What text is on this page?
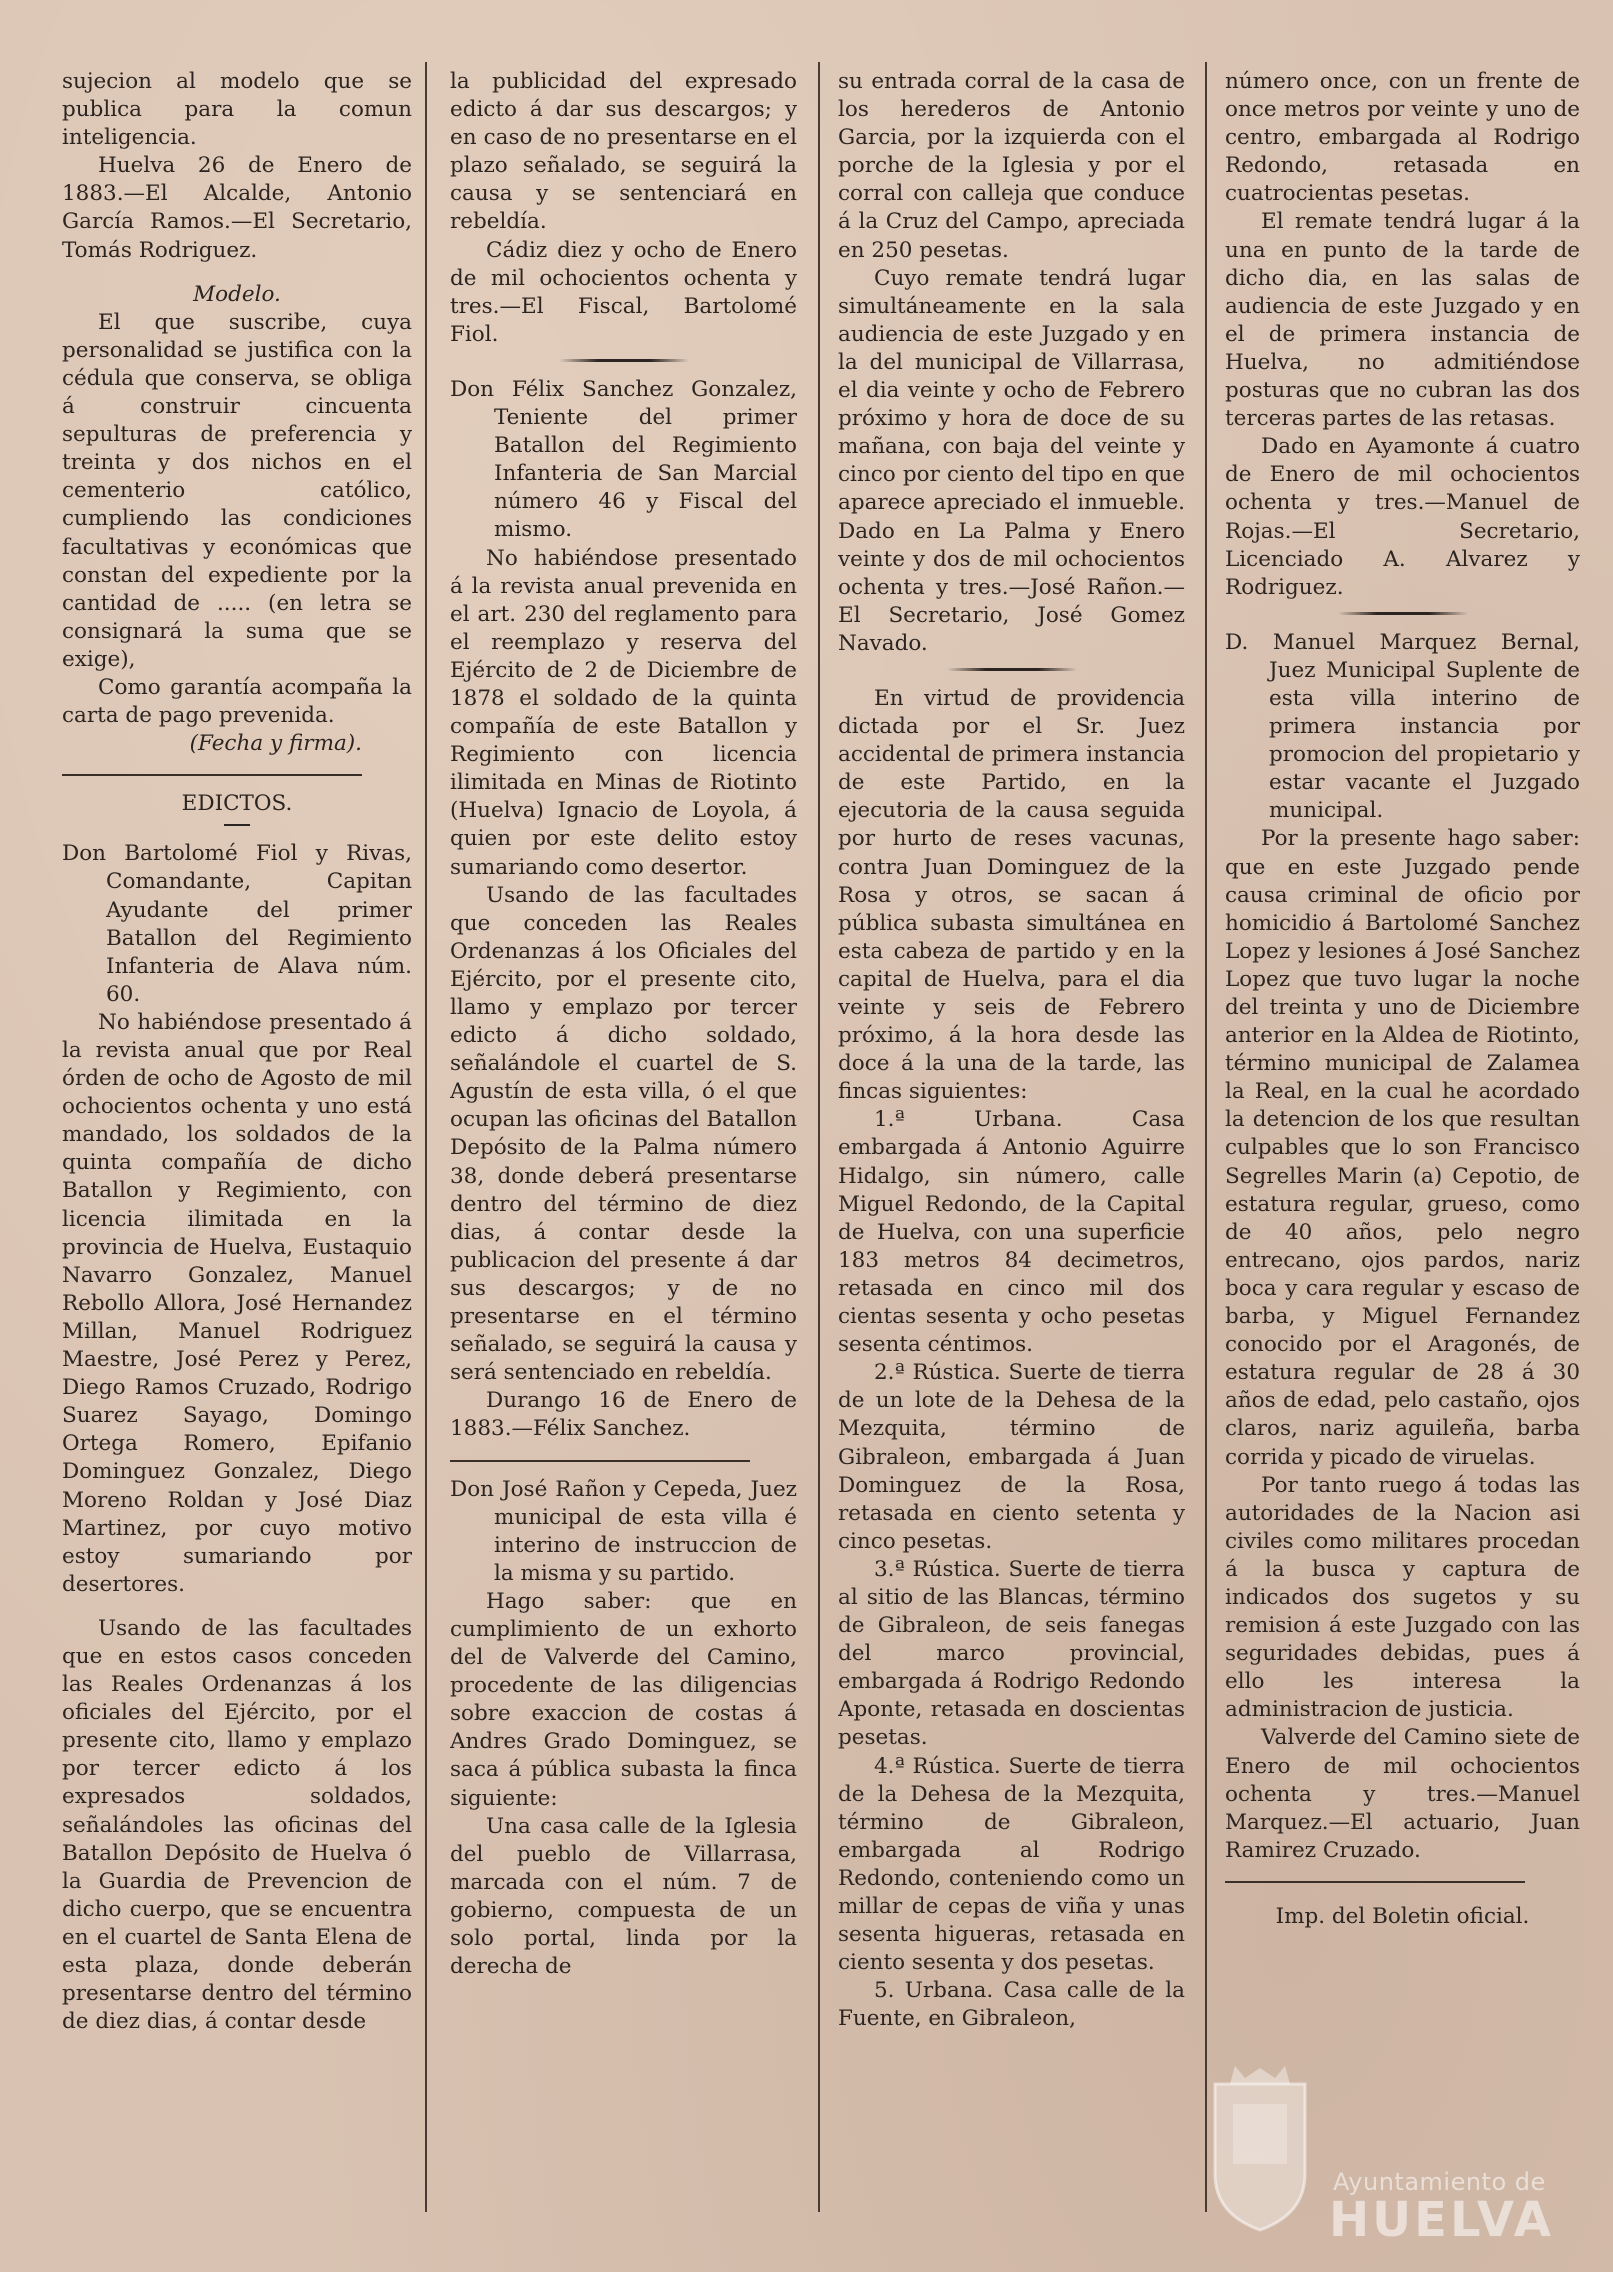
sujecion al modelo que se publica para la comun inteligencia.

Huelva 26 de Enero de 1883.—El Alcalde, Antonio García Ramos.—El Secretario, Tomás Rodriguez.

Modelo.

El que suscribe, cuya personalidad se justifica con la cédula que conserva, se obliga á construir cincuenta sepulturas de preferencia y treinta y dos nichos en el cementerio católico, cumpliendo las condiciones facultativas y económicas que constan del expediente por la cantidad de ..... (en letra se consignará la suma que se exige),

Como garantía acompaña la carta de pago prevenida.

(Fecha y firma).

EDICTOS.

Don Bartolomé Fiol y Rivas, Comandante, Capitan Ayudante del primer Batallon del Regimiento Infanteria de Alava núm. 60.

No habiéndose presentado á la revista anual que por Real órden de ocho de Agosto de mil ochocientos ochenta y uno está mandado, los soldados de la quinta compañía de dicho Batallon y Regimiento, con licencia ilimitada en la provincia de Huelva, Eustaquio Navarro Gonzalez, Manuel Rebollo Allora, José Hernandez Millan, Manuel Rodriguez Maestre, José Perez y Perez, Diego Ramos Cruzado, Rodrigo Suarez Sayago, Domingo Ortega Romero, Epifanio Dominguez Gonzalez, Diego Moreno Roldan y José Diaz Martinez, por cuyo motivo estoy sumariando por desertores.

Usando de las facultades que en estos casos conceden las Reales Ordenanzas á los oficiales del Ejército, por el presente cito, llamo y emplazo por tercer edicto á los expresados soldados, señalándoles las oficinas del Batallon Depósito de Huelva ó la Guardia de Prevencion de dicho cuerpo, que se encuentra en el cuartel de Santa Elena de esta plaza, donde deberán presentarse dentro del término de diez dias, á contar desde

la publicidad del expresado edicto á dar sus descargos; y en caso de no presentarse en el plazo señalado, se seguirá la causa y se sentenciará en rebeldía.

Cádiz diez y ocho de Enero de mil ochocientos ochenta y tres.—El Fiscal, Bartolomé Fiol.

Don Félix Sanchez Gonzalez, Teniente del primer Batallon del Regimiento Infanteria de San Marcial número 46 y Fiscal del mismo.

No habiéndose presentado á la revista anual prevenida en el art. 230 del reglamento para el reemplazo y reserva del Ejército de 2 de Diciembre de 1878 el soldado de la quinta compañía de este Batallon y Regimiento con licencia ilimitada en Minas de Riotinto (Huelva) Ignacio de Loyola, á quien por este delito estoy sumariando como desertor.

Usando de las facultades que conceden las Reales Ordenanzas á los Oficiales del Ejército, por el presente cito, llamo y emplazo por tercer edicto á dicho soldado, señalándole el cuartel de S. Agustín de esta villa, ó el que ocupan las oficinas del Batallon Depósito de la Palma número 38, donde deberá presentarse dentro del término de diez dias, á contar desde la publicacion del presente á dar sus descargos; y de no presentarse en el término señalado, se seguirá la causa y será sentenciado en rebeldía.

Durango 16 de Enero de 1883.—Félix Sanchez.

Don José Rañon y Cepeda, Juez municipal de esta villa é interino de instruccion de la misma y su partido.

Hago saber: que en cumplimiento de un exhorto del de Valverde del Camino, procedente de las diligencias sobre exaccion de costas á Andres Grado Dominguez, se saca á pública subasta la finca siguiente:

Una casa calle de la Iglesia del pueblo de Villarrasa, marcada con el núm. 7 de gobierno, compuesta de un solo portal, linda por la derecha de

su entrada corral de la casa de los herederos de Antonio Garcia, por la izquierda con el porche de la Iglesia y por el corral con calleja que conduce á la Cruz del Campo, apreciada en 250 pesetas.

Cuyo remate tendrá lugar simultáneamente en la sala audiencia de este Juzgado y en la del municipal de Villarrasa, el dia veinte y ocho de Febrero próximo y hora de doce de su mañana, con baja del veinte y cinco por ciento del tipo en que aparece apreciado el inmueble. Dado en La Palma y Enero veinte y dos de mil ochocientos ochenta y tres.—José Rañon.—El Secretario, José Gomez Navado.

En virtud de providencia dictada por el Sr. Juez accidental de primera instancia de este Partido, en la ejecutoria de la causa seguida por hurto de reses vacunas, contra Juan Dominguez de la Rosa y otros, se sacan á pública subasta simultánea en esta cabeza de partido y en la capital de Huelva, para el dia veinte y seis de Febrero próximo, á la hora desde las doce á la una de la tarde, las fincas siguientes:

1.ª Urbana. Casa embargada á Antonio Aguirre Hidalgo, sin número, calle Miguel Redondo, de la Capital de Huelva, con una superficie 183 metros 84 decimetros, retasada en cinco mil dos cientas sesenta y ocho pesetas sesenta céntimos.

2.ª Rústica. Suerte de tierra de un lote de la Dehesa de la Mezquita, término de Gibraleon, embargada á Juan Dominguez de la Rosa, retasada en ciento setenta y cinco pesetas.

3.ª Rústica. Suerte de tierra al sitio de las Blancas, término de Gibraleon, de seis fanegas del marco provincial, embargada á Rodrigo Redondo Aponte, retasada en doscientas pesetas.

4.ª Rústica. Suerte de tierra de la Dehesa de la Mezquita, término de Gibraleon, embargada al Rodrigo Redondo, conteniendo como un millar de cepas de viña y unas sesenta higueras, retasada en ciento sesenta y dos pesetas.

5. Urbana. Casa calle de la Fuente, en Gibraleon,

número once, con un frente de once metros por veinte y uno de centro, embargada al Rodrigo Redondo, retasada en cuatrocientas pesetas.

El remate tendrá lugar á la una en punto de la tarde de dicho dia, en las salas de audiencia de este Juzgado y en el de primera instancia de Huelva, no admitiéndose posturas que no cubran las dos terceras partes de las retasas.

Dado en Ayamonte á cuatro de Enero de mil ochocientos ochenta y tres.—Manuel de Rojas.—El Secretario, Licenciado A. Alvarez y Rodriguez.

D. Manuel Marquez Bernal, Juez Municipal Suplente de esta villa interino de primera instancia por promocion del propietario y estar vacante el Juzgado municipal.

Por la presente hago saber: que en este Juzgado pende causa criminal de oficio por homicidio á Bartolomé Sanchez Lopez y lesiones á José Sanchez Lopez que tuvo lugar la noche del treinta y uno de Diciembre anterior en la Aldea de Riotinto, término municipal de Zalamea la Real, en la cual he acordado la detencion de los que resultan culpables que lo son Francisco Segrelles Marin (a) Cepotio, de estatura regular, grueso, como de 40 años, pelo negro entrecano, ojos pardos, nariz boca y cara regular y escaso de barba, y Miguel Fernandez conocido por el Aragonés, de estatura regular de 28 á 30 años de edad, pelo castaño, ojos claros, nariz aguileña, barba corrida y picado de viruelas.

Por tanto ruego á todas las autoridades de la Nacion asi civiles como militares procedan á la busca y captura de indicados dos sugetos y su remision á este Juzgado con las seguridades debidas, pues á ello les interesa la administracion de justicia.

Valverde del Camino siete de Enero de mil ochocientos ochenta y tres.—Manuel Marquez.—El actuario, Juan Ramirez Cruzado.

Imp. del Boletin oficial.

Ayuntamiento de
HUELVA
